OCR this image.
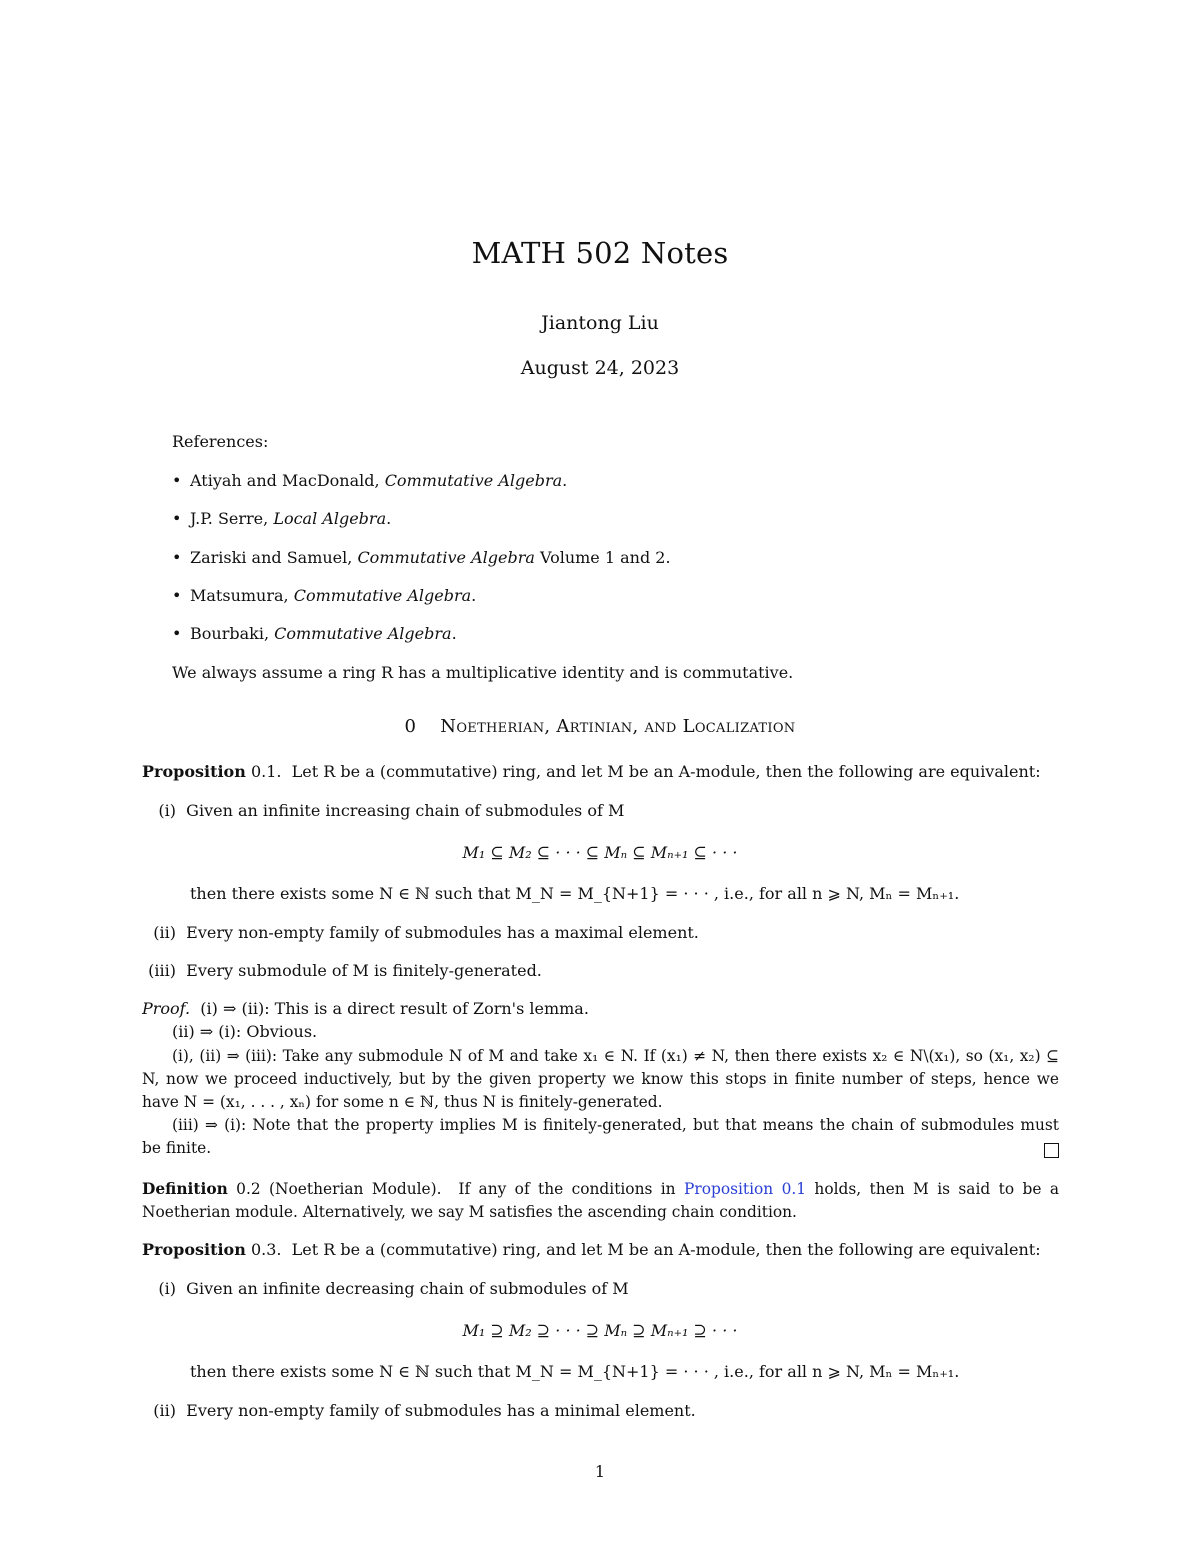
MATH 502 Notes
Jiantong Liu
August 24, 2023
References:
• Atiyah and MacDonald, Commutative Algebra.
• J.P. Serre, Local Algebra.
• Zariski and Samuel, Commutative Algebra Volume 1 and 2.
• Matsumura, Commutative Algebra.
• Bourbaki, Commutative Algebra.
We always assume a ring R has a multiplicative identity and is commutative.
0 Noetherian, Artinian, and Localization
Proposition 0.1. Let R be a (commutative) ring, and let M be an A-module, then the following are equivalent:
(i) Given an infinite increasing chain of submodules of M
M₁ ⊆ M₂ ⊆ · · · ⊆ Mₙ ⊆ Mₙ₊₁ ⊆ · · ·
then there exists some N ∈ ℕ such that M_N = M_{N+1} = · · · , i.e., for all n ⩾ N, Mₙ = Mₙ₊₁.
(ii) Every non-empty family of submodules has a maximal element.
(iii) Every submodule of M is finitely-generated.
Proof. (i) ⇒ (ii): This is a direct result of Zorn's lemma.
(ii) ⇒ (i): Obvious.
(i), (ii) ⇒ (iii): Take any submodule N of M and take x₁ ∈ N. If (x₁) ≠ N, then there exists x₂ ∈ N\(x₁), so (x₁, x₂) ⊆ N, now we proceed inductively, but by the given property we know this stops in finite number of steps, hence we have N = (x₁, . . . , xₙ) for some n ∈ ℕ, thus N is finitely-generated.
(iii) ⇒ (i): Note that the property implies M is finitely-generated, but that means the chain of submodules must be finite.
Definition 0.2 (Noetherian Module). If any of the conditions in Proposition 0.1 holds, then M is said to be a Noetherian module. Alternatively, we say M satisfies the ascending chain condition.
Proposition 0.3. Let R be a (commutative) ring, and let M be an A-module, then the following are equivalent:
(i) Given an infinite decreasing chain of submodules of M
M₁ ⊇ M₂ ⊇ · · · ⊇ Mₙ ⊇ Mₙ₊₁ ⊇ · · ·
then there exists some N ∈ ℕ such that M_N = M_{N+1} = · · · , i.e., for all n ⩾ N, Mₙ = Mₙ₊₁.
(ii) Every non-empty family of submodules has a minimal element.
1
